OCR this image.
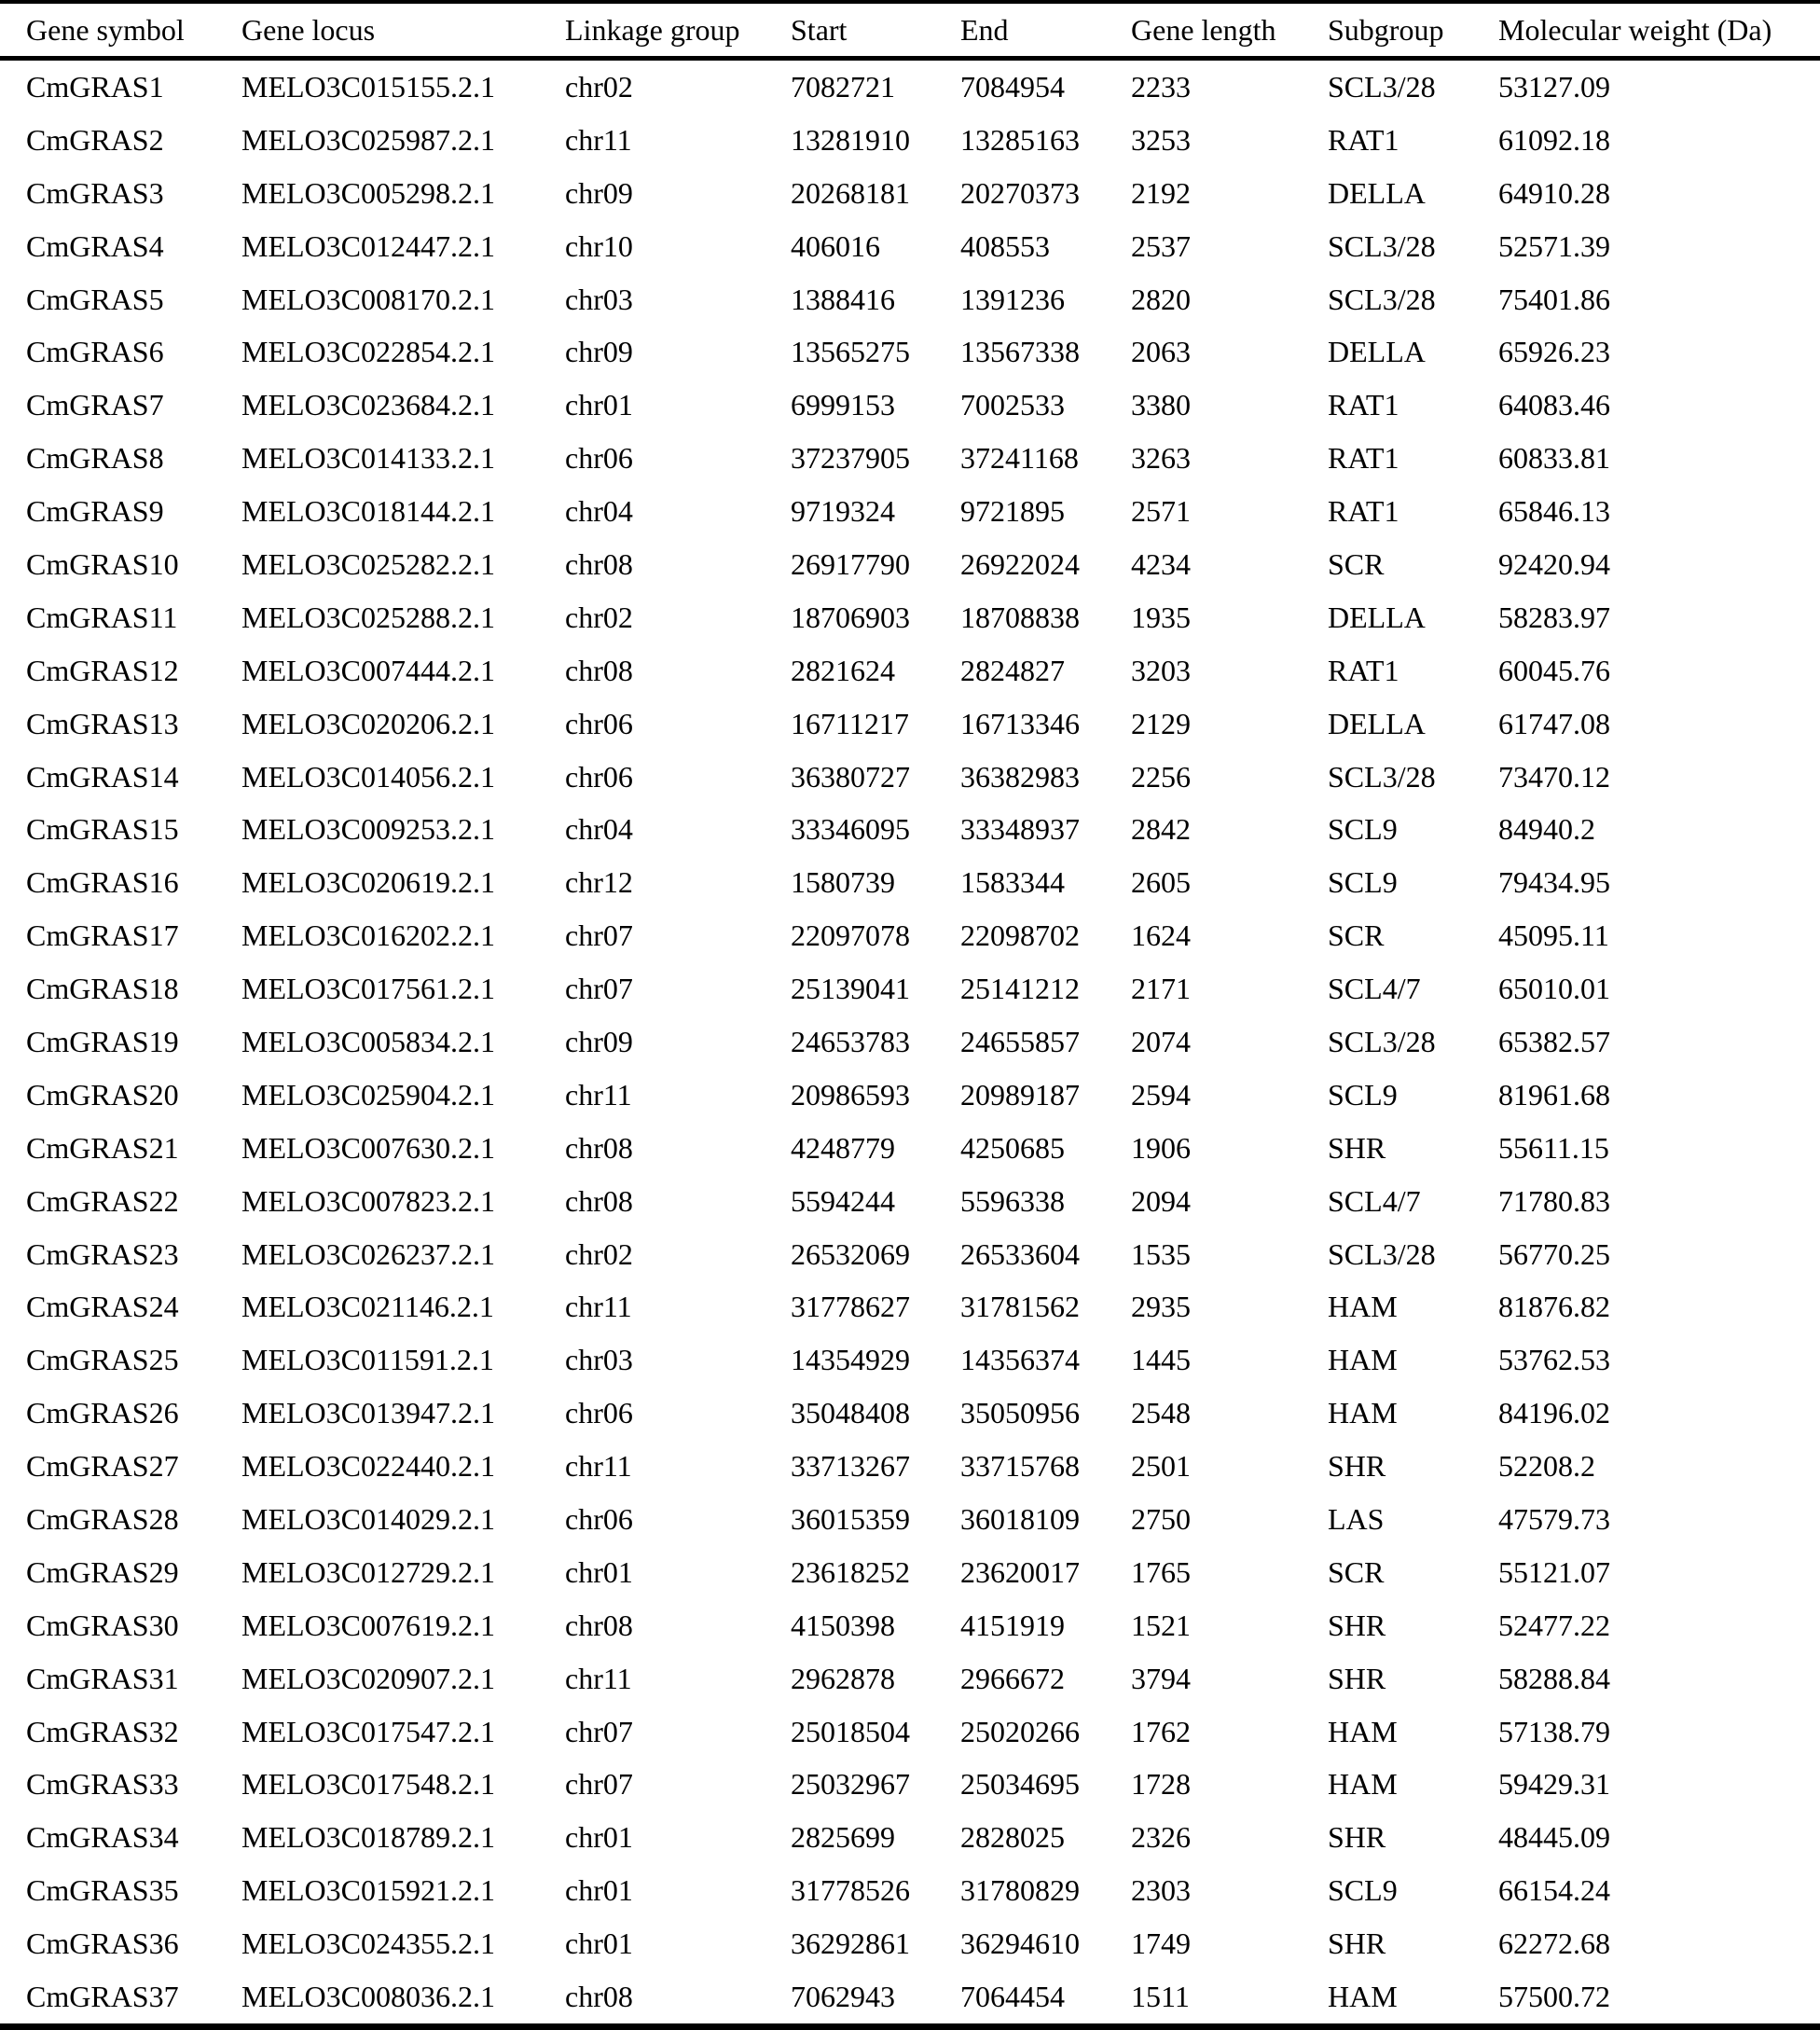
Gene symbol	Gene locus	Linkage group	Start	End	Gene length	Subgroup	Molecular weight (Da)
CmGRAS1	MELO3C015155.2.1	chr02	7082721	7084954	2233	SCL3/28	53127.09
CmGRAS2	MELO3C025987.2.1	chr11	13281910	13285163	3253	RAT1	61092.18
CmGRAS3	MELO3C005298.2.1	chr09	20268181	20270373	2192	DELLA	64910.28
CmGRAS4	MELO3C012447.2.1	chr10	406016	408553	2537	SCL3/28	52571.39
CmGRAS5	MELO3C008170.2.1	chr03	1388416	1391236	2820	SCL3/28	75401.86
CmGRAS6	MELO3C022854.2.1	chr09	13565275	13567338	2063	DELLA	65926.23
CmGRAS7	MELO3C023684.2.1	chr01	6999153	7002533	3380	RAT1	64083.46
CmGRAS8	MELO3C014133.2.1	chr06	37237905	37241168	3263	RAT1	60833.81
CmGRAS9	MELO3C018144.2.1	chr04	9719324	9721895	2571	RAT1	65846.13
CmGRAS10	MELO3C025282.2.1	chr08	26917790	26922024	4234	SCR	92420.94
CmGRAS11	MELO3C025288.2.1	chr02	18706903	18708838	1935	DELLA	58283.97
CmGRAS12	MELO3C007444.2.1	chr08	2821624	2824827	3203	RAT1	60045.76
CmGRAS13	MELO3C020206.2.1	chr06	16711217	16713346	2129	DELLA	61747.08
CmGRAS14	MELO3C014056.2.1	chr06	36380727	36382983	2256	SCL3/28	73470.12
CmGRAS15	MELO3C009253.2.1	chr04	33346095	33348937	2842	SCL9	84940.2
CmGRAS16	MELO3C020619.2.1	chr12	1580739	1583344	2605	SCL9	79434.95
CmGRAS17	MELO3C016202.2.1	chr07	22097078	22098702	1624	SCR	45095.11
CmGRAS18	MELO3C017561.2.1	chr07	25139041	25141212	2171	SCL4/7	65010.01
CmGRAS19	MELO3C005834.2.1	chr09	24653783	24655857	2074	SCL3/28	65382.57
CmGRAS20	MELO3C025904.2.1	chr11	20986593	20989187	2594	SCL9	81961.68
CmGRAS21	MELO3C007630.2.1	chr08	4248779	4250685	1906	SHR	55611.15
CmGRAS22	MELO3C007823.2.1	chr08	5594244	5596338	2094	SCL4/7	71780.83
CmGRAS23	MELO3C026237.2.1	chr02	26532069	26533604	1535	SCL3/28	56770.25
CmGRAS24	MELO3C021146.2.1	chr11	31778627	31781562	2935	HAM	81876.82
CmGRAS25	MELO3C011591.2.1	chr03	14354929	14356374	1445	HAM	53762.53
CmGRAS26	MELO3C013947.2.1	chr06	35048408	35050956	2548	HAM	84196.02
CmGRAS27	MELO3C022440.2.1	chr11	33713267	33715768	2501	SHR	52208.2
CmGRAS28	MELO3C014029.2.1	chr06	36015359	36018109	2750	LAS	47579.73
CmGRAS29	MELO3C012729.2.1	chr01	23618252	23620017	1765	SCR	55121.07
CmGRAS30	MELO3C007619.2.1	chr08	4150398	4151919	1521	SHR	52477.22
CmGRAS31	MELO3C020907.2.1	chr11	2962878	2966672	3794	SHR	58288.84
CmGRAS32	MELO3C017547.2.1	chr07	25018504	25020266	1762	HAM	57138.79
CmGRAS33	MELO3C017548.2.1	chr07	25032967	25034695	1728	HAM	59429.31
CmGRAS34	MELO3C018789.2.1	chr01	2825699	2828025	2326	SHR	48445.09
CmGRAS35	MELO3C015921.2.1	chr01	31778526	31780829	2303	SCL9	66154.24
CmGRAS36	MELO3C024355.2.1	chr01	36292861	36294610	1749	SHR	62272.68
CmGRAS37	MELO3C008036.2.1	chr08	7062943	7064454	1511	HAM	57500.72
